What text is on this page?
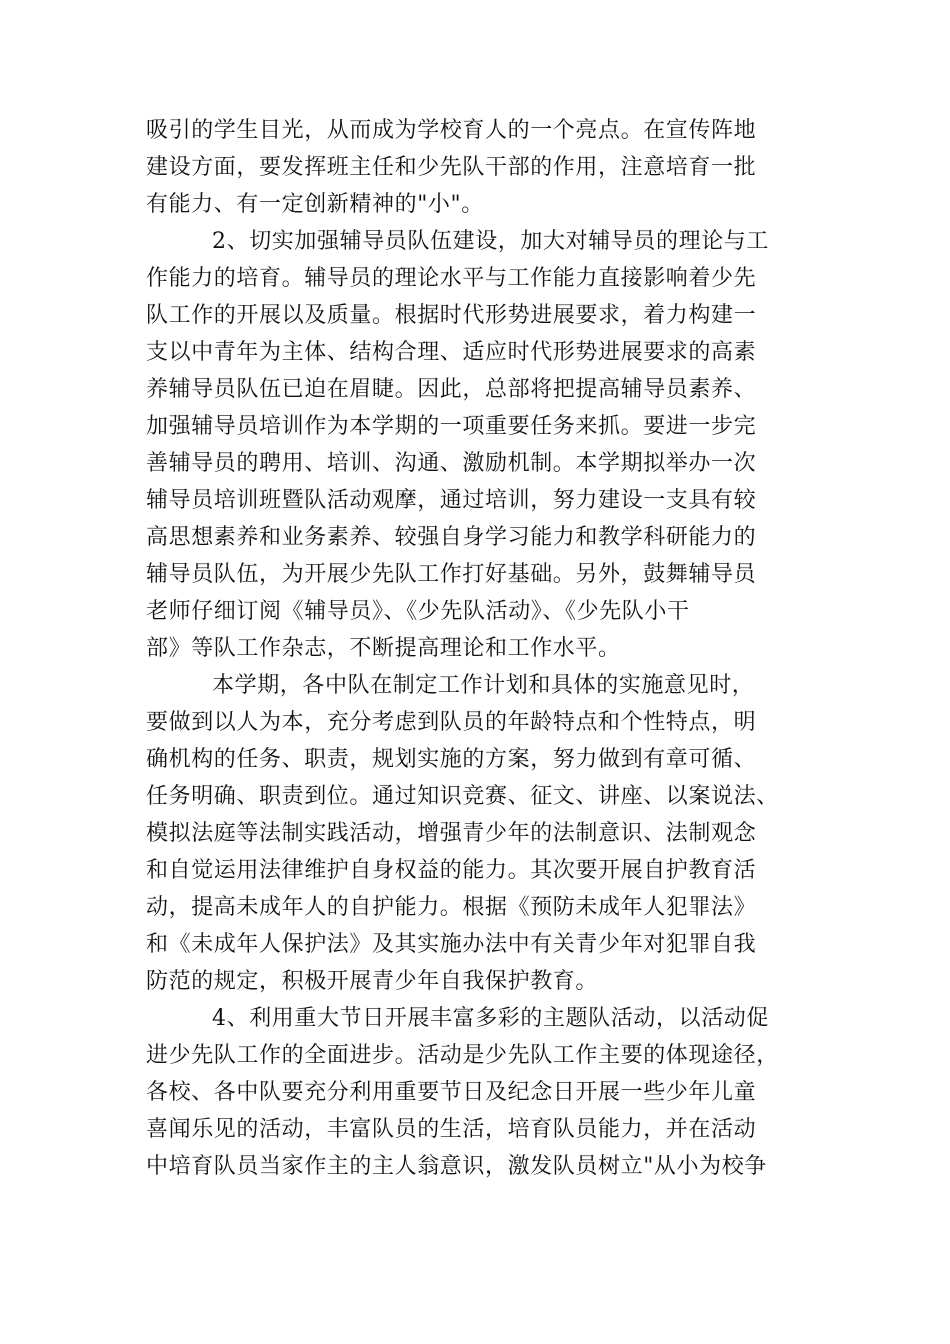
吸引的学生目光，从而成为学校育人的一个亮点。在宣传阵地
建设方面，要发挥班主任和少先队干部的作用，注意培育一批
有能力、有一定创新精神的"小"。
2、切实加强辅导员队伍建设，加大对辅导员的理论与工
作能力的培育。辅导员的理论水平与工作能力直接影响着少先
队工作的开展以及质量。根据时代形势进展要求，着力构建一
支以中青年为主体、结构合理、适应时代形势进展要求的高素
养辅导员队伍已迫在眉睫。因此，总部将把提高辅导员素养、
加强辅导员培训作为本学期的一项重要任务来抓。要进一步完
善辅导员的聘用、培训、沟通、激励机制。本学期拟举办一次
辅导员培训班暨队活动观摩，通过培训，努力建设一支具有较
高思想素养和业务素养、较强自身学习能力和教学科研能力的
辅导员队伍，为开展少先队工作打好基础。另外，鼓舞辅导员
老师仔细订阅《辅导员》、《少先队活动》、《少先队小干
部》等队工作杂志，不断提高理论和工作水平。
本学期，各中队在制定工作计划和具体的实施意见时，
要做到以人为本，充分考虑到队员的年龄特点和个性特点，明
确机构的任务、职责，规划实施的方案，努力做到有章可循、
任务明确、职责到位。通过知识竞赛、征文、讲座、以案说法、
模拟法庭等法制实践活动，增强青少年的法制意识、法制观念
和自觉运用法律维护自身权益的能力。其次要开展自护教育活
动，提高未成年人的自护能力。根据《预防未成年人犯罪法》
和《未成年人保护法》及其实施办法中有关青少年对犯罪自我
防范的规定，积极开展青少年自我保护教育。
4、利用重大节日开展丰富多彩的主题队活动，以活动促
进少先队工作的全面进步。活动是少先队工作主要的体现途径，
各校、各中队要充分利用重要节日及纪念日开展一些少年儿童
喜闻乐见的活动，丰富队员的生活，培育队员能力，并在活动
中培育队员当家作主的主人翁意识，激发队员树立"从小为校争
